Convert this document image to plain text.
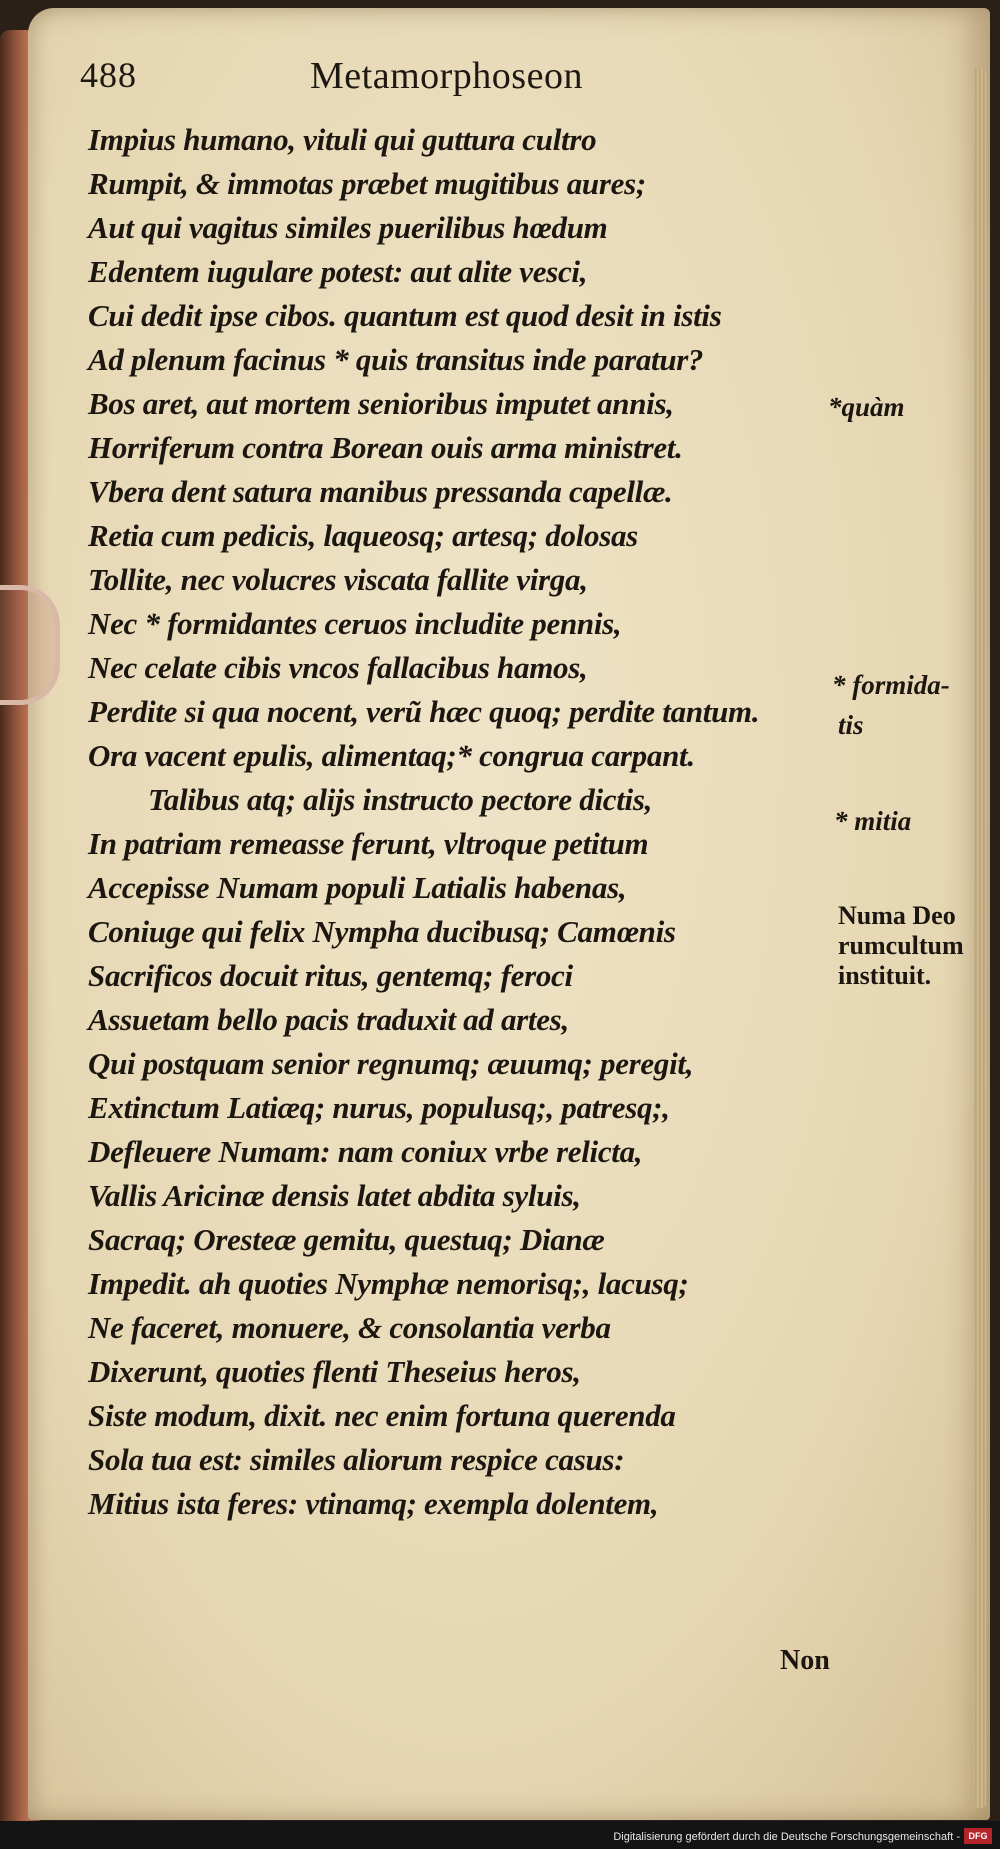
488	Metamorphoseon
Impius humano, vituli qui guttura cultro
Rumpit, & immotas præbet mugitibus aures;
Aut qui vagitus similes puerilibus hœdum
Edentem iugulare potest: aut alite vesci,
Cui dedit ipse cibos. quantum est quod desit in istis
Ad plenum facinus * quis transitus inde paratur?
Bos aret, aut mortem senioribus imputet annis,
Horriferum contra Borean ouis arma ministret.
Vbera dent satura manibus pressanda capellæ.
Retia cum pedicis, laqueosq; artesq; dolosas
Tollite, nec volucres viscata fallite virga,
Nec * formidantes ceruos includite pennis,
Nec celate cibis vncos fallacibus hamos,
Perdite si qua nocent, verũ hæc quoq; perdite tantum.
Ora vacent epulis, alimentaq;* congrua carpant.
Talibus atq; alijs instructo pectore dictis,
In patriam remeasse ferunt, vltroque petitum
Accepisse Numam populi Latialis habenas,
Coniuge qui felix Nympha ducibusq; Camœnis
Sacrificos docuit ritus, gentemq; feroci
Assuetam bello pacis traduxit ad artes,
Qui postquam senior regnumq; æuumq; peregit,
Extinctum Latiæq; nurus, populusq;, patresq;,
Defleuere Numam: nam coniux vrbe relicta,
Vallis Aricinæ densis latet abdita syluis,
Sacraq; Oresteæ gemitu, questuq; Dianæ
Impedit. ah quoties Nymphæ nemorisq;, lacusq;
Ne faceret, monuere, & consolantia verba
Dixerunt, quoties flenti Theseius heros,
Siste modum, dixit. nec enim fortuna querenda
Sola tua est: similes aliorum respice casus:
Mitius ista feres: vtinamq; exempla dolentem,
*quàm
* formida-
tis
* mitia
Numa Deo
rumcultum
instituit.
Non
Digitalisierung gefördert durch die Deutsche Forschungsgemeinschaft - DFG
